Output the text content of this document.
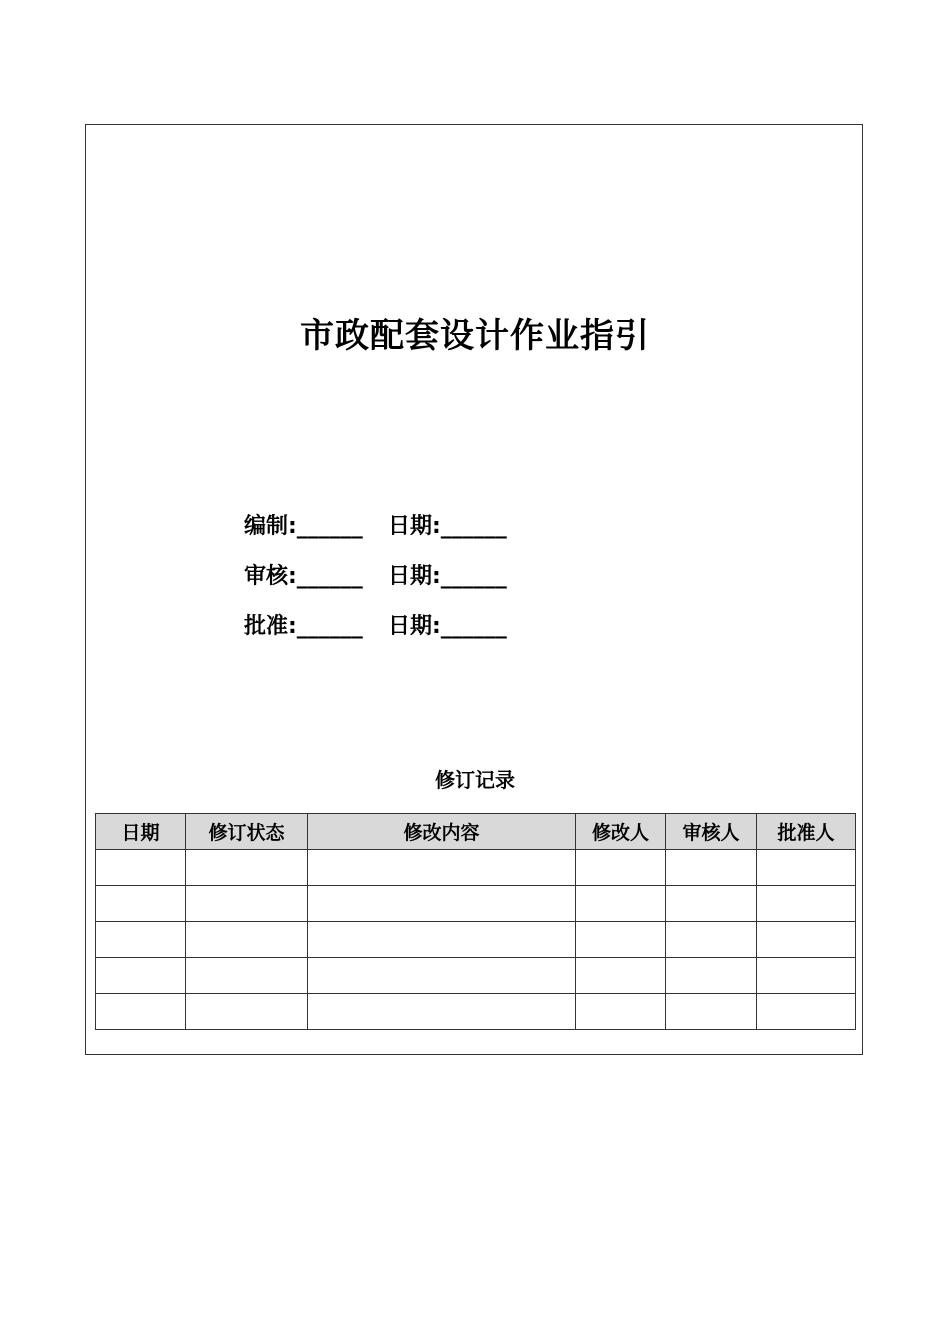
市政配套设计作业指引
编制:______ 日期:______
审核:______ 日期:______
批准:______ 日期:______
修订记录
日期	修订状态	修改内容	修改人	审核人	批准人
